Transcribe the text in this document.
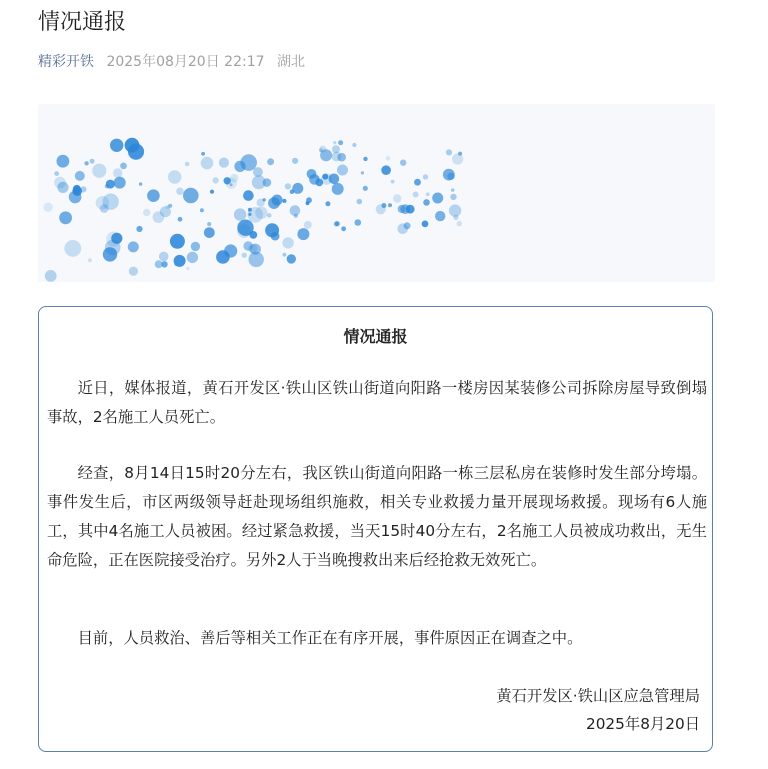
情况通报
精彩开铁 2025年08月20日 22:17 湖北
情况通报

近日，媒体报道，黄石开发区·铁山区铁山街道向阳路一楼房因某装修公司拆除房屋导致倒塌事故，2名施工人员死亡。

经查，8月14日15时20分左右，我区铁山街道向阳路一栋三层私房在装修时发生部分垮塌。事件发生后，市区两级领导赶赴现场组织施救，相关专业救援力量开展现场救援。现场有6人施工，其中4名施工人员被困。经过紧急救援，当天15时40分左右，2名施工人员被成功救出，无生命危险，正在医院接受治疗。另外2人于当晚搜救出来后经抢救无效死亡。

目前，人员救治、善后等相关工作正在有序开展，事件原因正在调查之中。

黄石开发区·铁山区应急管理局

2025年8月20日
